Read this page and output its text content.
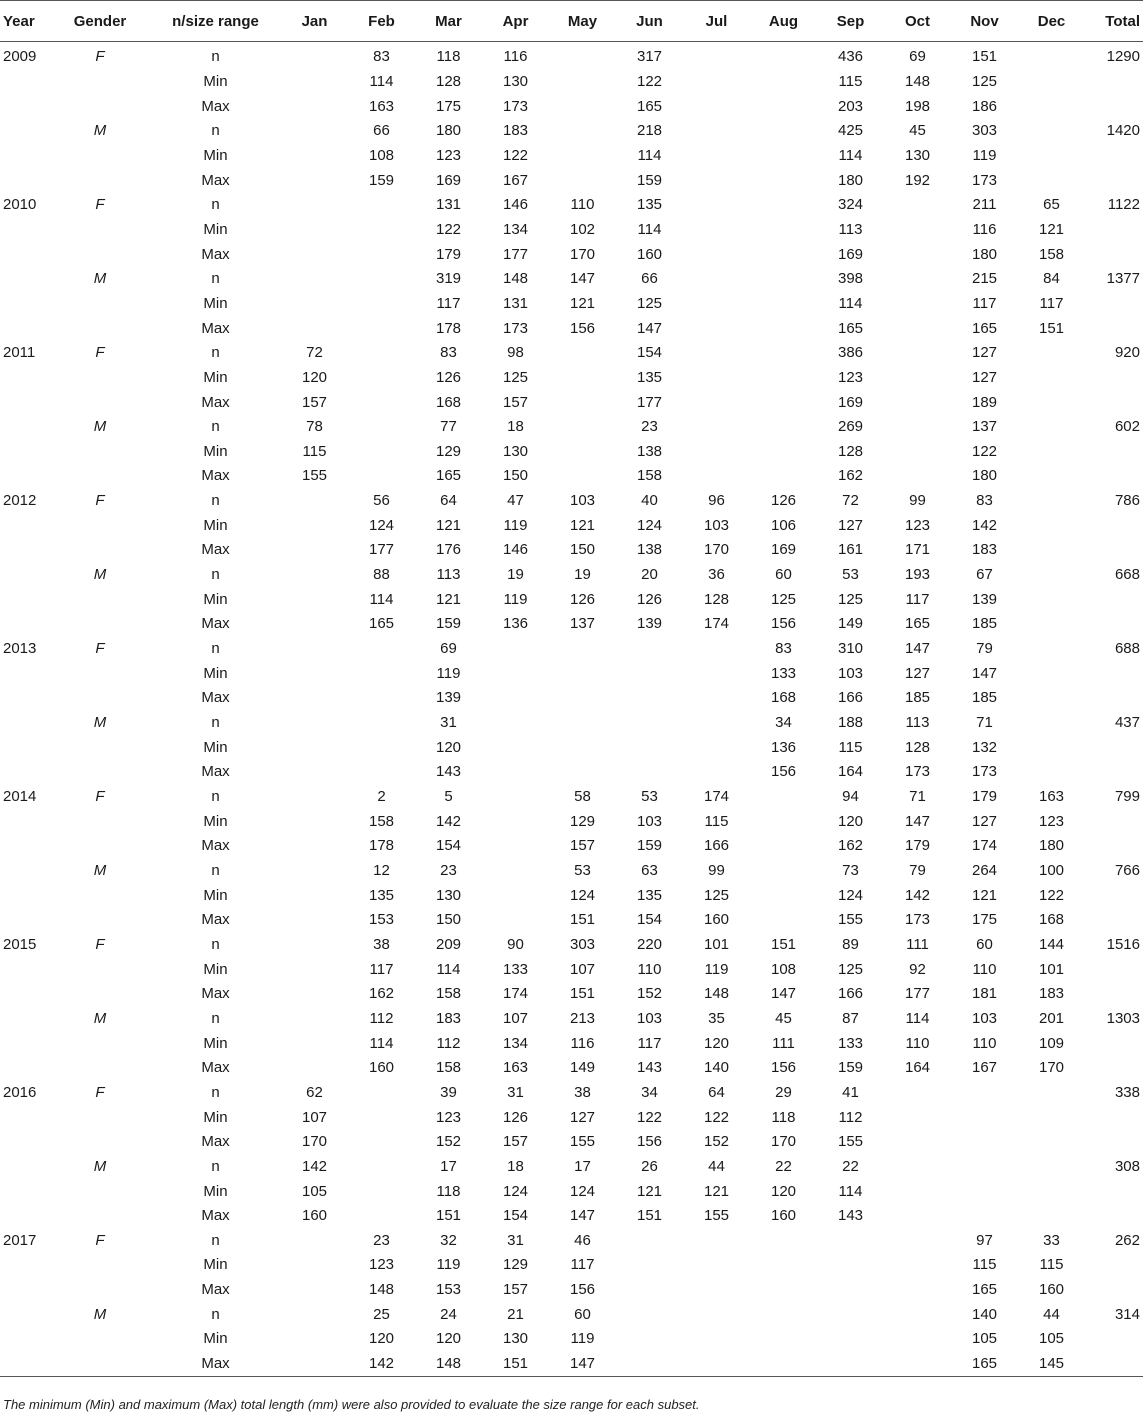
Year	Gender	n/size range	Jan	Feb	Mar	Apr	May	Jun	Jul	Aug	Sep	Oct	Nov	Dec	Total
2009	F	n		83	118	116		317			436	69	151		1290
		Min		114	128	130		122			115	148	125		
		Max		163	175	173		165			203	198	186		
	M	n		66	180	183		218			425	45	303		1420
		Min		108	123	122		114			114	130	119		
		Max		159	169	167		159			180	192	173		
2010	F	n			131	146	110	135			324		211	65	1122
		Min			122	134	102	114			113		116	121	
		Max			179	177	170	160			169		180	158	
	M	n			319	148	147	66			398		215	84	1377
		Min			117	131	121	125			114		117	117	
		Max			178	173	156	147			165		165	151	
2011	F	n	72		83	98		154			386		127		920
		Min	120		126	125		135			123		127		
		Max	157		168	157		177			169		189		
	M	n	78		77	18		23			269		137		602
		Min	115		129	130		138			128		122		
		Max	155		165	150		158			162		180		
2012	F	n		56	64	47	103	40	96	126	72	99	83		786
		Min		124	121	119	121	124	103	106	127	123	142		
		Max		177	176	146	150	138	170	169	161	171	183		
	M	n		88	113	19	19	20	36	60	53	193	67		668
		Min		114	121	119	126	126	128	125	125	117	139		
		Max		165	159	136	137	139	174	156	149	165	185		
2013	F	n			69					83	310	147	79		688
		Min			119					133	103	127	147		
		Max			139					168	166	185	185		
	M	n			31					34	188	113	71		437
		Min			120					136	115	128	132		
		Max			143					156	164	173	173		
2014	F	n		2	5		58	53	174		94	71	179	163	799
		Min		158	142		129	103	115		120	147	127	123	
		Max		178	154		157	159	166		162	179	174	180	
	M	n		12	23		53	63	99		73	79	264	100	766
		Min		135	130		124	135	125		124	142	121	122	
		Max		153	150		151	154	160		155	173	175	168	
2015	F	n		38	209	90	303	220	101	151	89	111	60	144	1516
		Min		117	114	133	107	110	119	108	125	92	110	101	
		Max		162	158	174	151	152	148	147	166	177	181	183	
	M	n		112	183	107	213	103	35	45	87	114	103	201	1303
		Min		114	112	134	116	117	120	111	133	110	110	109	
		Max		160	158	163	149	143	140	156	159	164	167	170	
2016	F	n	62		39	31	38	34	64	29	41				338
		Min	107		123	126	127	122	122	118	112				
		Max	170		152	157	155	156	152	170	155				
	M	n	142		17	18	17	26	44	22	22				308
		Min	105		118	124	124	121	121	120	114				
		Max	160		151	154	147	151	155	160	143				
2017	F	n		23	32	31	46						97	33	262
		Min		123	119	129	117						115	115	
		Max		148	153	157	156						165	160	
	M	n		25	24	21	60						140	44	314
		Min		120	120	130	119						105	105	
		Max		142	148	151	147						165	145	
The minimum (Min) and maximum (Max) total length (mm) were also provided to evaluate the size range for each subset.
